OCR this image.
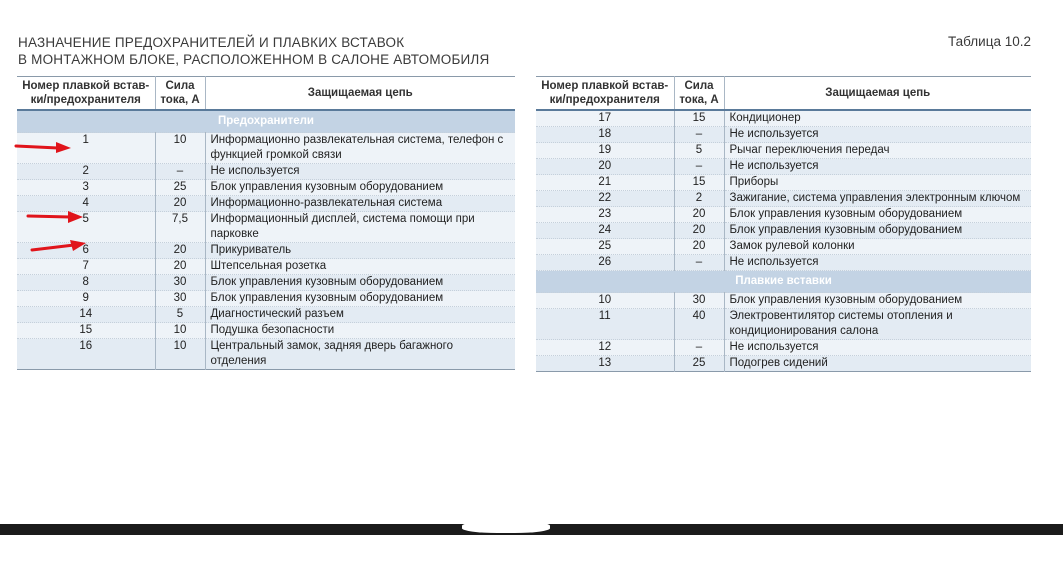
НАЗНАЧЕНИЕ ПРЕДОХРАНИТЕЛЕЙ И ПЛАВКИХ ВСТАВОК
В МОНТАЖНОМ БЛОКЕ, РАСПОЛОЖЕННОМ В САЛОНЕ АВТОМОБИЛЯ
Таблица 10.2
Номер плавкой встав-ки/предохранителя	Сила тока, А	Защищаемая цепь
Предохранители		
1	10	Информационно развлекательная система, телефон с функцией громкой связи
2	–	Не используется
3	25	Блок управления кузовным оборудованием
4	20	Информационно-развлекательная система
5	7,5	Информационный дисплей, система помощи при парковке
6	20	Прикуриватель
7	20	Штепсельная розетка
8	30	Блок управления кузовным оборудованием
9	30	Блок управления кузовным оборудованием
14	5	Диагностический разъем
15	10	Подушка безопасности
16	10	Центральный замок, задняя дверь багажного отделения
Номер плавкой встав-ки/предохранителя	Сила тока, А	Защищаемая цепь
17	15	Кондиционер
18	–	Не используется
19	5	Рычаг переключения передач
20	–	Не используется
21	15	Приборы
22	2	Зажигание, система управления электронным ключом
23	20	Блок управления кузовным оборудованием
24	20	Блок управления кузовным оборудованием
25	20	Замок рулевой колонки
26	–	Не используется
Плавкие вставки		
10	30	Блок управления кузовным оборудованием
11	40	Электровентилятор системы отопления и кондиционирования салона
12	–	Не используется
13	25	Подогрев сидений
